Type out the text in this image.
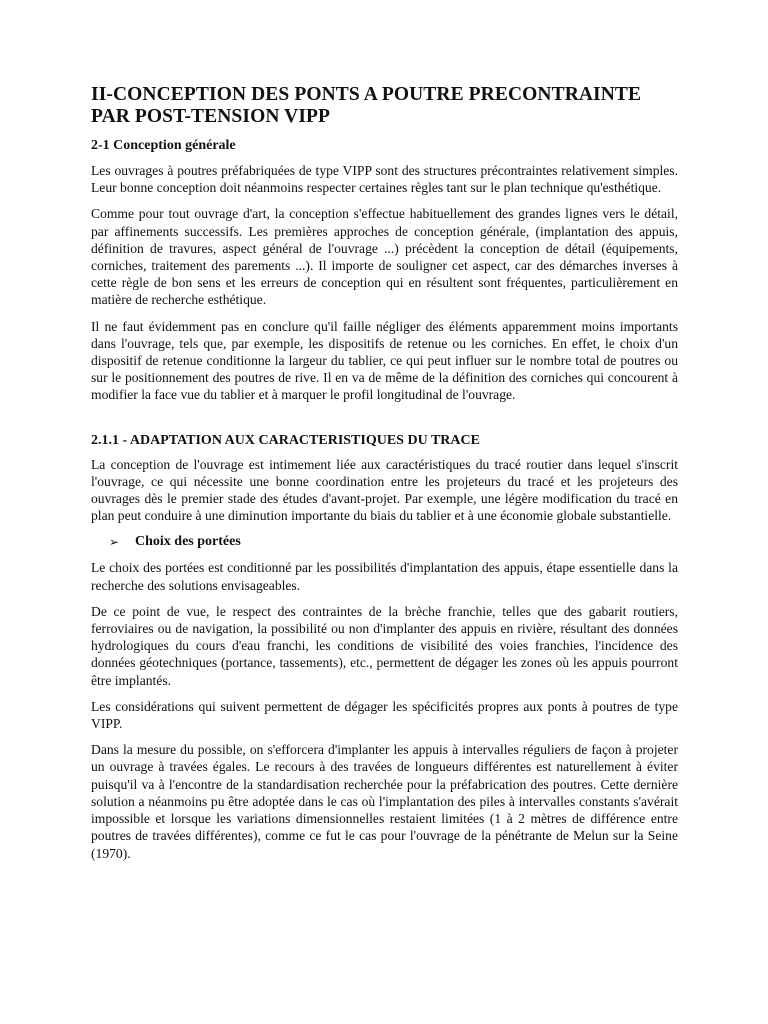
II-CONCEPTION DES PONTS A POUTRE PRECONTRAINTE
PAR POST-TENSION VIPP
2-1 Conception générale

Les ouvrages à poutres préfabriquées de type VIPP sont des structures précontraintes relativement simples. Leur bonne conception doit néanmoins respecter certaines règles tant sur le plan technique qu'esthétique.

Comme pour tout ouvrage d'art, la conception s'effectue habituellement des grandes lignes vers le détail, par affinements successifs. Les premières approches de conception générale, (implantation des appuis, définition de travures, aspect général de l'ouvrage ...) précèdent la conception de détail (équipements, corniches, traitement des parements ...). Il importe de souligner cet aspect, car des démarches inverses à cette règle de bon sens et les erreurs de conception qui en résultent sont fréquentes, particulièrement en matière de recherche esthétique.

Il ne faut évidemment pas en conclure qu'il faille négliger des éléments apparemment moins importants dans l'ouvrage, tels que, par exemple, les dispositifs de retenue ou les corniches. En effet, le choix d'un dispositif de retenue conditionne la largeur du tablier, ce qui peut influer sur le nombre total de poutres ou sur le positionnement des poutres de rive. Il en va de même de la définition des corniches qui concourent à modifier la face vue du tablier et à marquer le profil longitudinal de l'ouvrage.

2.1.1 - ADAPTATION AUX CARACTERISTIQUES DU TRACE

La conception de l'ouvrage est intimement liée aux caractéristiques du tracé routier dans lequel s'inscrit l'ouvrage, ce qui nécessite une bonne coordination entre les projeteurs du tracé et les projeteurs des ouvrages dès le premier stade des études d'avant-projet. Par exemple, une légère modification du tracé en plan peut conduire à une diminution importante du biais du tablier et à une économie globale substantielle.

➢	Choix des portées

Le choix des portées est conditionné par les possibilités d'implantation des appuis, étape essentielle dans la recherche des solutions envisageables.

De ce point de vue, le respect des contraintes de la brèche franchie, telles que des gabarit routiers, ferroviaires ou de navigation, la possibilité ou non d'implanter des appuis en rivière, résultant des données hydrologiques du cours d'eau franchi, les conditions de visibilité des voies franchies, l'incidence des données géotechniques (portance, tassements), etc., permettent de dégager les zones où les appuis pourront être implantés.

Les considérations qui suivent permettent de dégager les spécificités propres aux ponts à poutres de type VIPP.

Dans la mesure du possible, on s'efforcera d'implanter les appuis à intervalles réguliers de façon à projeter un ouvrage à travées égales. Le recours à des travées de longueurs différentes est naturellement à éviter puisqu'il va à l'encontre de la standardisation recherchée pour la préfabrication des poutres. Cette dernière solution a néanmoins pu être adoptée dans le cas où l'implantation des piles à intervalles constants s'avérait impossible et lorsque les variations dimensionnelles restaient limitées (1 à 2 mètres de différence entre poutres de travées différentes), comme ce fut le cas pour l'ouvrage de la pénétrante de Melun sur la Seine (1970).
